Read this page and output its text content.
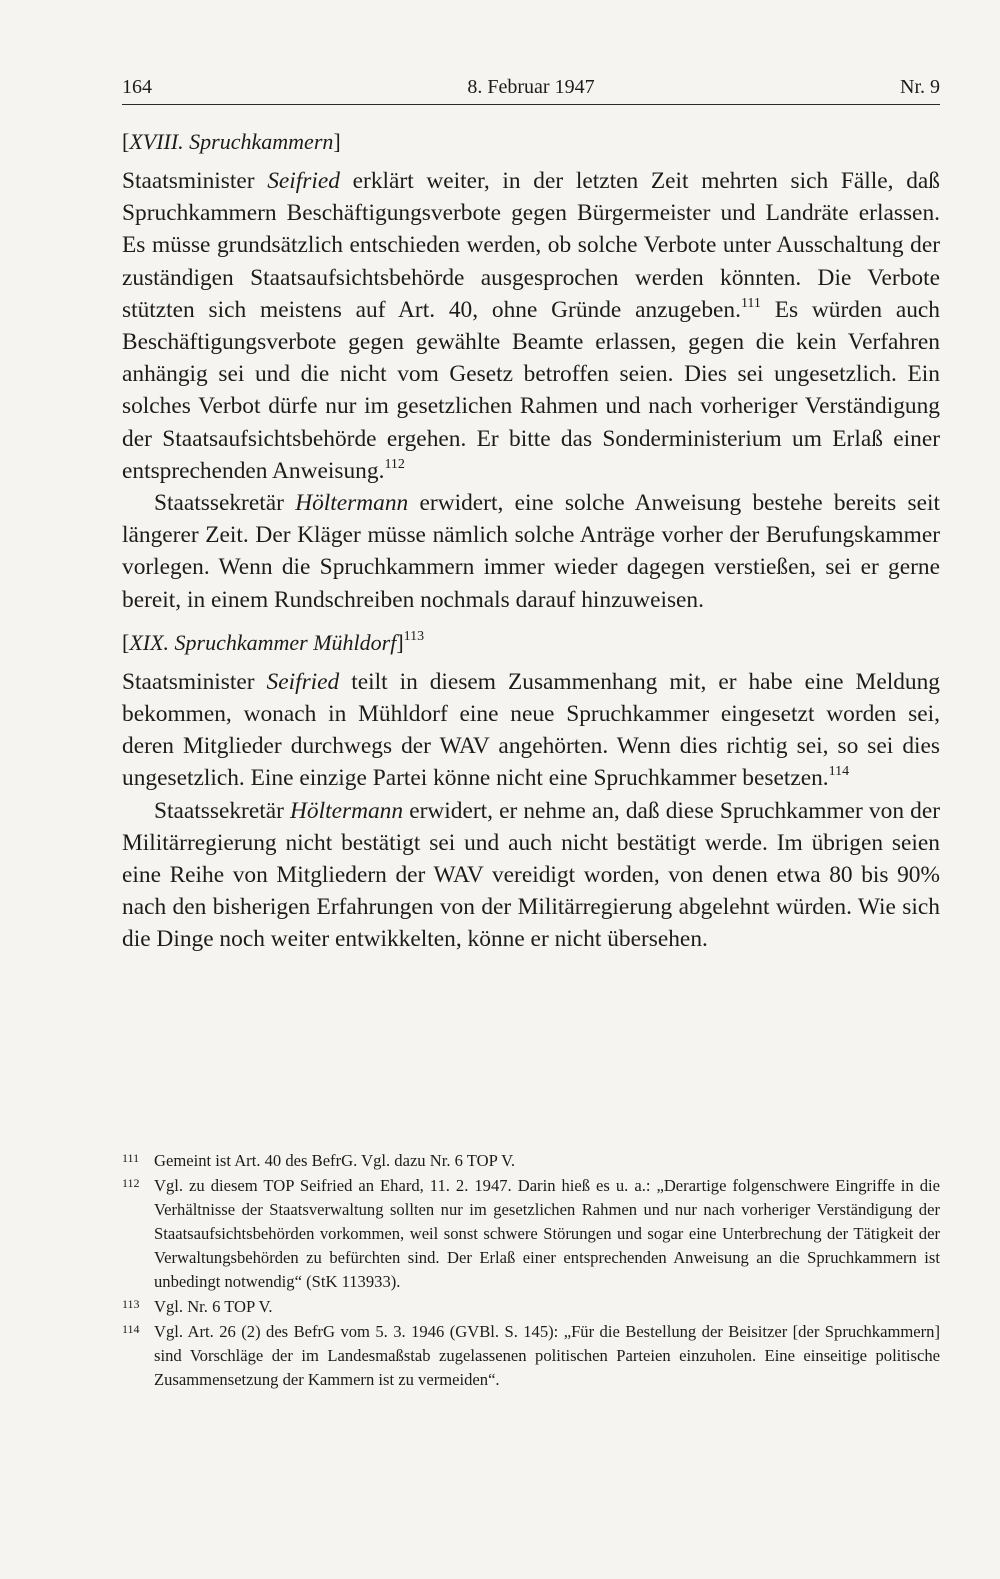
164	8. Februar 1947	Nr. 9
[XVIII. Spruchkammern]

Staatsminister Seifried erklärt weiter, in der letzten Zeit mehrten sich Fälle, daß Spruchkammern Beschäftigungsverbote gegen Bürgermeister und Landräte erlassen. Es müsse grundsätzlich entschieden werden, ob solche Verbote unter Ausschaltung der zuständigen Staatsaufsichtsbehörde ausgesprochen werden könnten. Die Verbote stützten sich meistens auf Art. 40, ohne Gründe anzugeben.$^{111}$ Es würden auch Beschäftigungsverbote gegen gewählte Beamte erlassen, gegen die kein Verfahren anhängig sei und die nicht vom Gesetz betroffen seien. Dies sei ungesetzlich. Ein solches Verbot dürfe nur im gesetzlichen Rahmen und nach vorheriger Verständigung der Staatsaufsichtsbehörde ergehen. Er bitte das Sonderministerium um Erlaß einer entsprechenden Anweisung.$^{112}$

Staatssekretär Höltermann erwidert, eine solche Anweisung bestehe bereits seit längerer Zeit. Der Kläger müsse nämlich solche Anträge vorher der Berufungskammer vorlegen. Wenn die Spruchkammern immer wieder dagegen verstießen, sei er gerne bereit, in einem Rundschreiben nochmals darauf hinzuweisen.

[XIX. Spruchkammer Mühldorf]$^{113}$

Staatsminister Seifried teilt in diesem Zusammenhang mit, er habe eine Meldung bekommen, wonach in Mühldorf eine neue Spruchkammer eingesetzt worden sei, deren Mitglieder durchwegs der WAV angehörten. Wenn dies richtig sei, so sei dies ungesetzlich. Eine einzige Partei könne nicht eine Spruchkammer besetzen.$^{114}$

Staatssekretär Höltermann erwidert, er nehme an, daß diese Spruchkammer von der Militärregierung nicht bestätigt sei und auch nicht bestätigt werde. Im übrigen seien eine Reihe von Mitgliedern der WAV vereidigt worden, von denen etwa 80 bis 90% nach den bisherigen Erfahrungen von der Militärregierung abgelehnt würden. Wie sich die Dinge noch weiter entwikkelten, könne er nicht übersehen.

111 Gemeint ist Art. 40 des BefrG. Vgl. dazu Nr. 6 TOP V.
112 Vgl. zu diesem TOP Seifried an Ehard, 11. 2. 1947. Darin hieß es u. a.: „Derartige folgenschwere Eingriffe in die Verhältnisse der Staatsverwaltung sollten nur im gesetzlichen Rahmen und nur nach vorheriger Verständigung der Staatsaufsichtsbehörden vorkommen, weil sonst schwere Störungen und sogar eine Unterbrechung der Tätigkeit der Verwaltungsbehörden zu befürchten sind. Der Erlaß einer entsprechenden Anweisung an die Spruchkammern ist unbedingt notwendig“ (StK 113933).
113 Vgl. Nr. 6 TOP V.
114 Vgl. Art. 26 (2) des BefrG vom 5. 3. 1946 (GVBl. S. 145): „Für die Bestellung der Beisitzer [der Spruchkammern] sind Vorschläge der im Landesmaßstab zugelassenen politischen Parteien einzuholen. Eine einseitige politische Zusammensetzung der Kammern ist zu vermeiden“.
